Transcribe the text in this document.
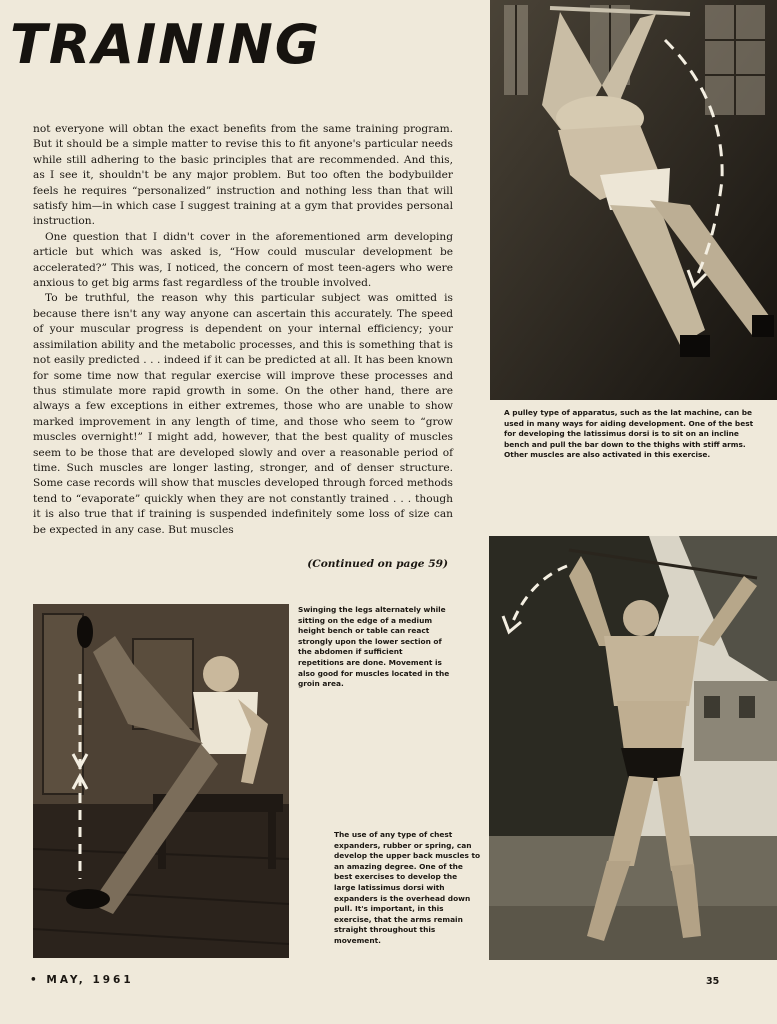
TRAINING

not everyone will obtan the exact benefits from the same training program. But it should be a simple matter to revise this to fit anyone's particular needs while still adhering to the basic principles that are recommended. And this, as I see it, shouldn't be any major problem. But too often the bodybuilder feels he requires “personalized” instruction and nothing less than that will satisfy him—in which case I suggest training at a gym that provides personal instruction.

One question that I didn't cover in the aforementioned arm developing article but which was asked is, “How could muscular development be accelerated?” This was, I noticed, the concern of most teen-agers who were anxious to get big arms fast regardless of the trouble involved.

To be truthful, the reason why this particular subject was omitted is because there isn't any way anyone can ascertain this accurately. The speed of your muscular progress is dependent on your internal efficiency; your assimilation ability and the metabolic processes, and this is something that is not easily predicted . . . indeed if it can be predicted at all. It has been known for some time now that regular exercise will improve these processes and thus stimulate more rapid growth in some. On the other hand, there are always a few exceptions in either extremes, those who are unable to show marked improvement in any length of time, and those who seem to “grow muscles overnight!” I might add, however, that the best quality of muscles seem to be those that are developed slowly and over a reasonable period of time. Such muscles are longer lasting, stronger, and of denser structure. Some case records will show that muscles developed through forced methods tend to “evaporate” quickly when they are not constantly trained . . . though it is also true that if training is suspended indefinitely some loss of size can be expected in any case. But muscles

(Continued on page 59)
A pulley type of apparatus, such as the lat machine, can be used in many ways for aiding development. One of the best for developing the latissimus dorsi is to sit on an incline bench and pull the bar down to the thighs with stiff arms. Other muscles are also activated in this exercise.
Swinging the legs alternately while sitting on the edge of a medium height bench or table can react strongly upon the lower section of the abdomen if sufficient repetitions are done. Movement is also good for muscles located in the groin area.
The use of any type of chest expanders, rubber or spring, can develop the upper back muscles to an amazing degree. One of the best exercises to develop the large latissimus dorsi with expanders is the overhead down pull. It's important, in this exercise, that the arms remain straight throughout this movement.
• MAY, 1961	35
